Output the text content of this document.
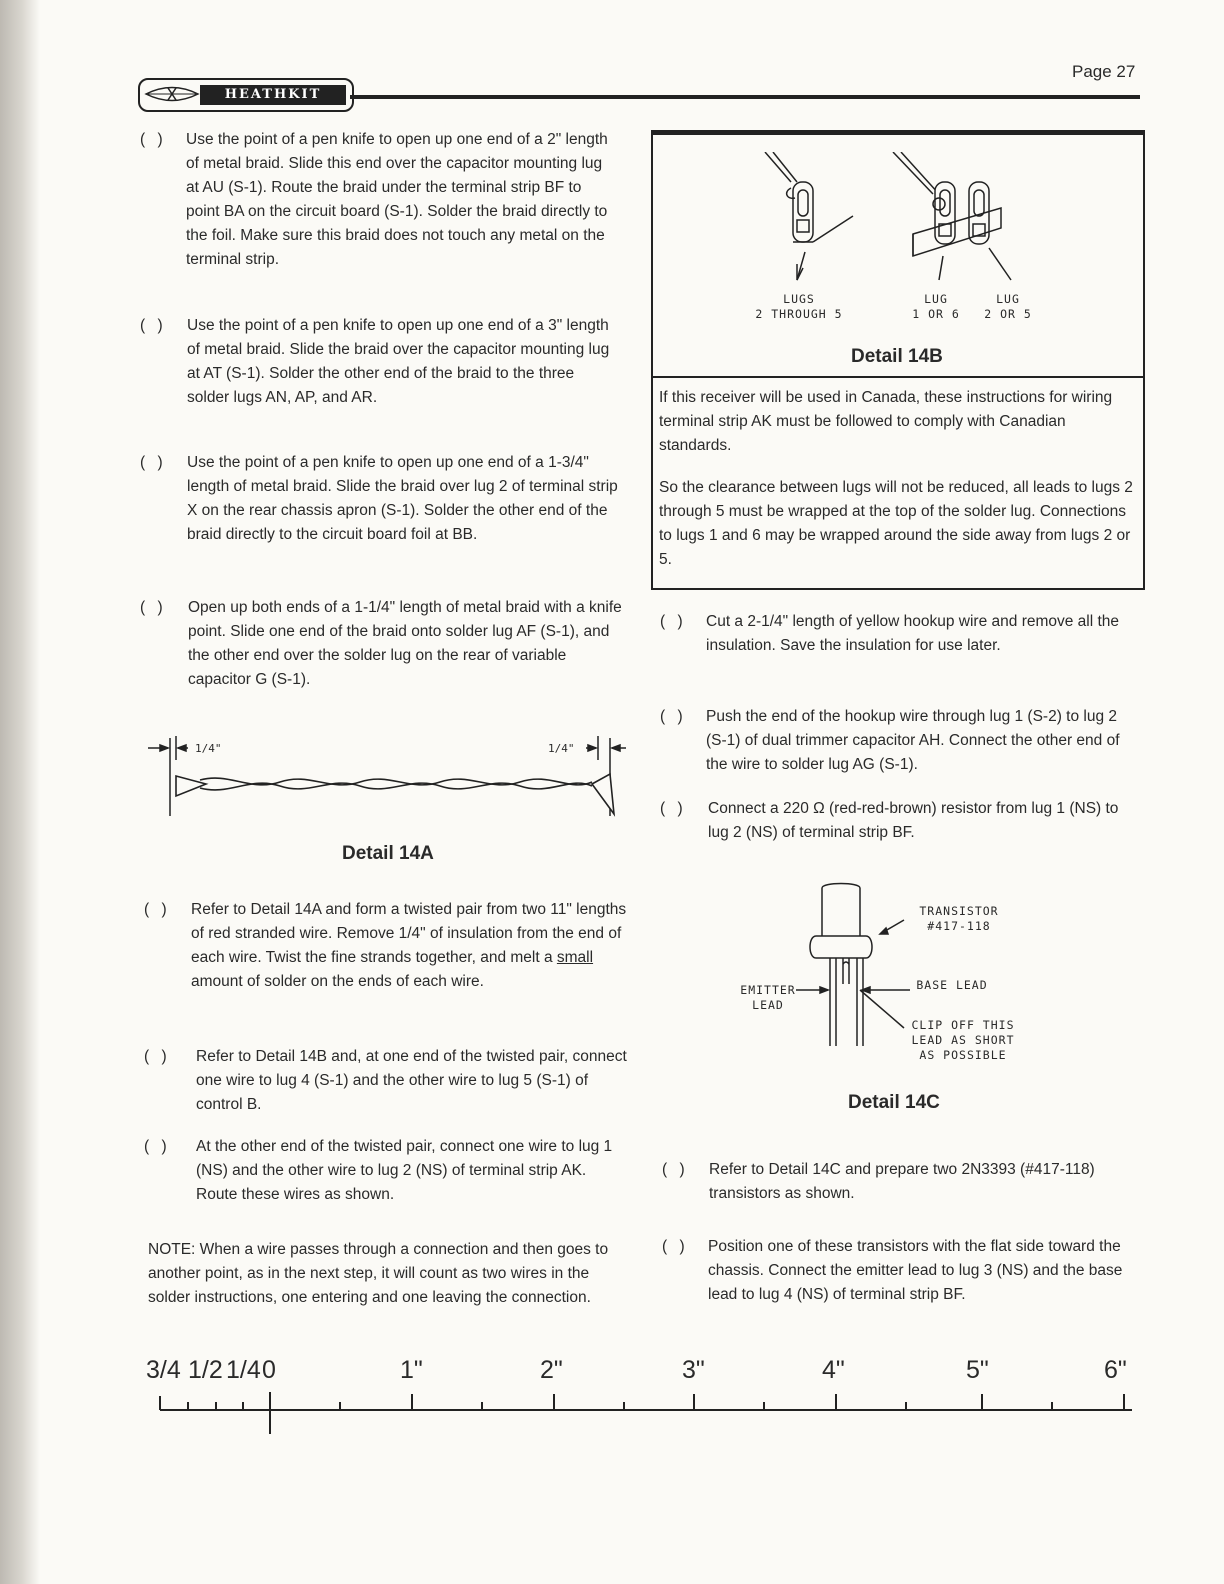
HEATHKIT
Page 27
( ) Use the point of a pen knife to open up one end of a 2" length of metal braid. Slide this end over the capacitor mounting lug at AU (S-1). Route the braid under the terminal strip BF to point BA on the circuit board (S-1). Solder the braid directly to the foil. Make sure this braid does not touch any metal on the terminal strip.
( ) Use the point of a pen knife to open up one end of a 3" length of metal braid. Slide the braid over the capacitor mounting lug at AT (S-1). Solder the other end of the braid to the three solder lugs AN, AP, and AR.
( ) Use the point of a pen knife to open up one end of a 1-3/4" length of metal braid. Slide the braid over lug 2 of terminal strip X on the rear chassis apron (S-1). Solder the other end of the braid directly to the circuit board foil at BB.
( ) Open up both ends of a 1-1/4" length of metal braid with a knife point. Slide one end of the braid onto solder lug AF (S-1), and the other end over the solder lug on the rear of variable capacitor G (S-1).
1/4"	1/4"
Detail 14A
( ) Refer to Detail 14A and form a twisted pair from two 11" lengths of red stranded wire. Remove 1/4" of insulation from the end of each wire. Twist the fine strands together, and melt a small amount of solder on the ends of each wire.
( ) Refer to Detail 14B and, at one end of the twisted pair, connect one wire to lug 4 (S-1) and the other wire to lug 5 (S-1) of control B.
( ) At the other end of the twisted pair, connect one wire to lug 1 (NS) and the other wire to lug 2 (NS) of terminal strip AK. Route these wires as shown.
NOTE: When a wire passes through a connection and then goes to another point, as in the next step, it will count as two wires in the solder instructions, one entering and one leaving the connection.
LUGS
2 THROUGH 5
LUG
1 OR 6
LUG
2 OR 5
Detail 14B
If this receiver will be used in Canada, these instructions for wiring terminal strip AK must be followed to comply with Canadian standards.
So the clearance between lugs will not be reduced, all leads to lugs 2 through 5 must be wrapped at the top of the solder lug. Connections to lugs 1 and 6 may be wrapped around the side away from lugs 2 or 5.
( ) Cut a 2-1/4" length of yellow hookup wire and remove all the insulation. Save the insulation for use later.
( ) Push the end of the hookup wire through lug 1 (S-2) to lug 2 (S-1) of dual trimmer capacitor AH. Connect the other end of the wire to solder lug AG (S-1).
( ) Connect a 220 Ω (red-red-brown) resistor from lug 1 (NS) to lug 2 (NS) of terminal strip BF.
TRANSISTOR
#417-118
BASE LEAD
EMITTER
LEAD
CLIP OFF THIS
LEAD AS SHORT
AS POSSIBLE
Detail 14C
( ) Refer to Detail 14C and prepare two 2N3393 (#417-118) transistors as shown.
( ) Position one of these transistors with the flat side toward the chassis. Connect the emitter lead to lug 3 (NS) and the base lead to lug 4 (NS) of terminal strip BF.
3/4 1/2 1/4 0	1"	2"	3"	4"	5"	6"
